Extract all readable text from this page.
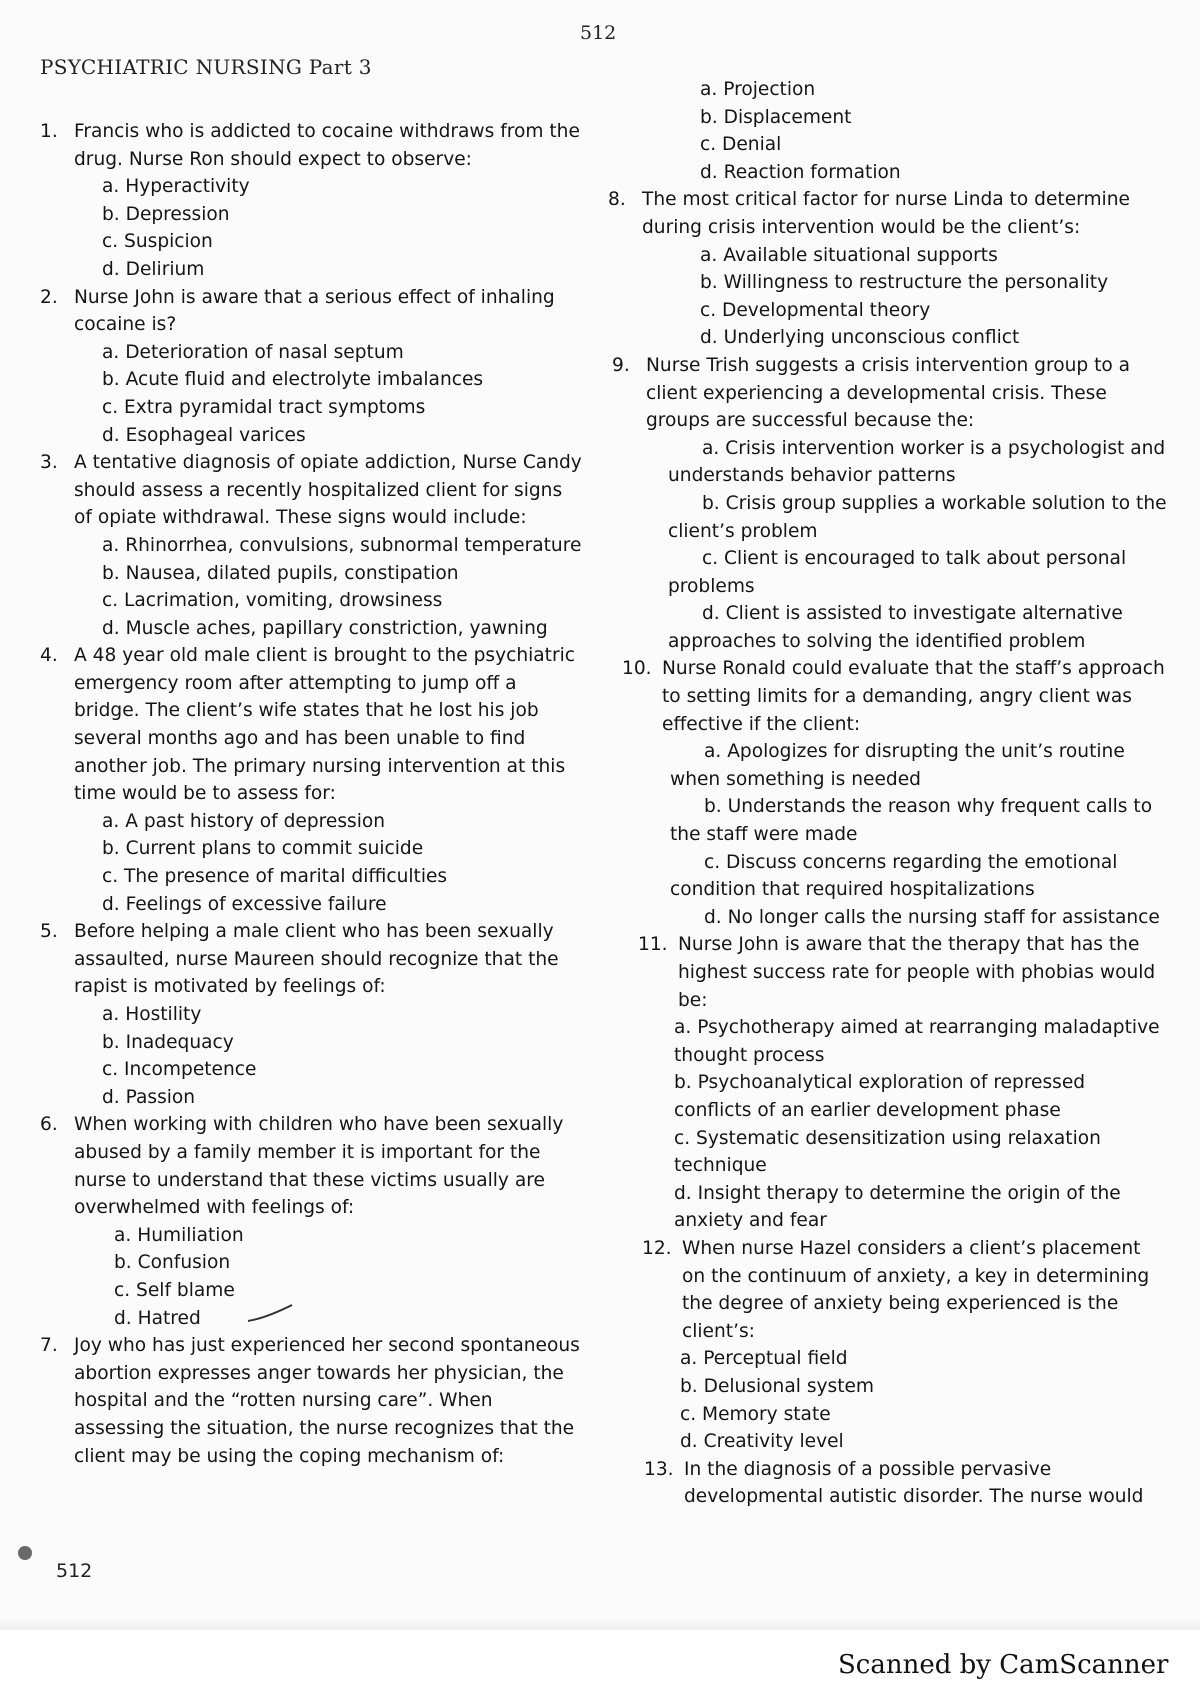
512
PSYCHIATRIC NURSING Part 3

1. Francis who is addicted to cocaine withdraws from the drug. Nurse Ron should expect to observe:

a. Hyperactivity
b. Depression
c. Suspicion
d. Delirium

2. Nurse John is aware that a serious effect of inhaling cocaine is?

a. Deterioration of nasal septum
b. Acute fluid and electrolyte imbalances
c. Extra pyramidal tract symptoms
d. Esophageal varices

3. A tentative diagnosis of opiate addiction, Nurse Candy should assess a recently hospitalized client for signs of opiate withdrawal. These signs would include:

a. Rhinorrhea, convulsions, subnormal temperature
b. Nausea, dilated pupils, constipation
c. Lacrimation, vomiting, drowsiness
d. Muscle aches, papillary constriction, yawning

4. A 48 year old male client is brought to the psychiatric emergency room after attempting to jump off a bridge. The client’s wife states that he lost his job several months ago and has been unable to find another job. The primary nursing intervention at this time would be to assess for:

a. A past history of depression
b. Current plans to commit suicide
c. The presence of marital difficulties
d. Feelings of excessive failure

5. Before helping a male client who has been sexually assaulted, nurse Maureen should recognize that the rapist is motivated by feelings of:

a. Hostility
b. Inadequacy
c. Incompetence
d. Passion

6. When working with children who have been sexually abused by a family member it is important for the nurse to understand that these victims usually are overwhelmed with feelings of:

a. Humiliation
b. Confusion
c. Self blame
d. Hatred

7. Joy who has just experienced her second spontaneous abortion expresses anger towards her physician, the hospital and the “rotten nursing care”. When assessing the situation, the nurse recognizes that the client may be using the coping mechanism of:

a. Projection
b. Displacement
c. Denial
d. Reaction formation

8. The most critical factor for nurse Linda to determine during crisis intervention would be the client’s:

a. Available situational supports
b. Willingness to restructure the personality
c. Developmental theory
d. Underlying unconscious conflict

9. Nurse Trish suggests a crisis intervention group to a client experiencing a developmental crisis. These groups are successful because the:

a. Crisis intervention worker is a psychologist and understands behavior patterns
b. Crisis group supplies a workable solution to the client’s problem
c. Client is encouraged to talk about personal problems
d. Client is assisted to investigate alternative approaches to solving the identified problem

10. Nurse Ronald could evaluate that the staff’s approach to setting limits for a demanding, angry client was effective if the client:

a. Apologizes for disrupting the unit’s routine when something is needed
b. Understands the reason why frequent calls to the staff were made
c. Discuss concerns regarding the emotional condition that required hospitalizations
d. No longer calls the nursing staff for assistance

11. Nurse John is aware that the therapy that has the highest success rate for people with phobias would be:

a. Psychotherapy aimed at rearranging maladaptive thought process
b. Psychoanalytical exploration of repressed conflicts of an earlier development phase
c. Systematic desensitization using relaxation technique
d. Insight therapy to determine the origin of the anxiety and fear

12. When nurse Hazel considers a client’s placement on the continuum of anxiety, a key in determining the degree of anxiety being experienced is the client’s:

a. Perceptual field
b. Delusional system
c. Memory state
d. Creativity level

13. In the diagnosis of a possible pervasive developmental autistic disorder. The nurse would

512
Scanned by CamScanner
